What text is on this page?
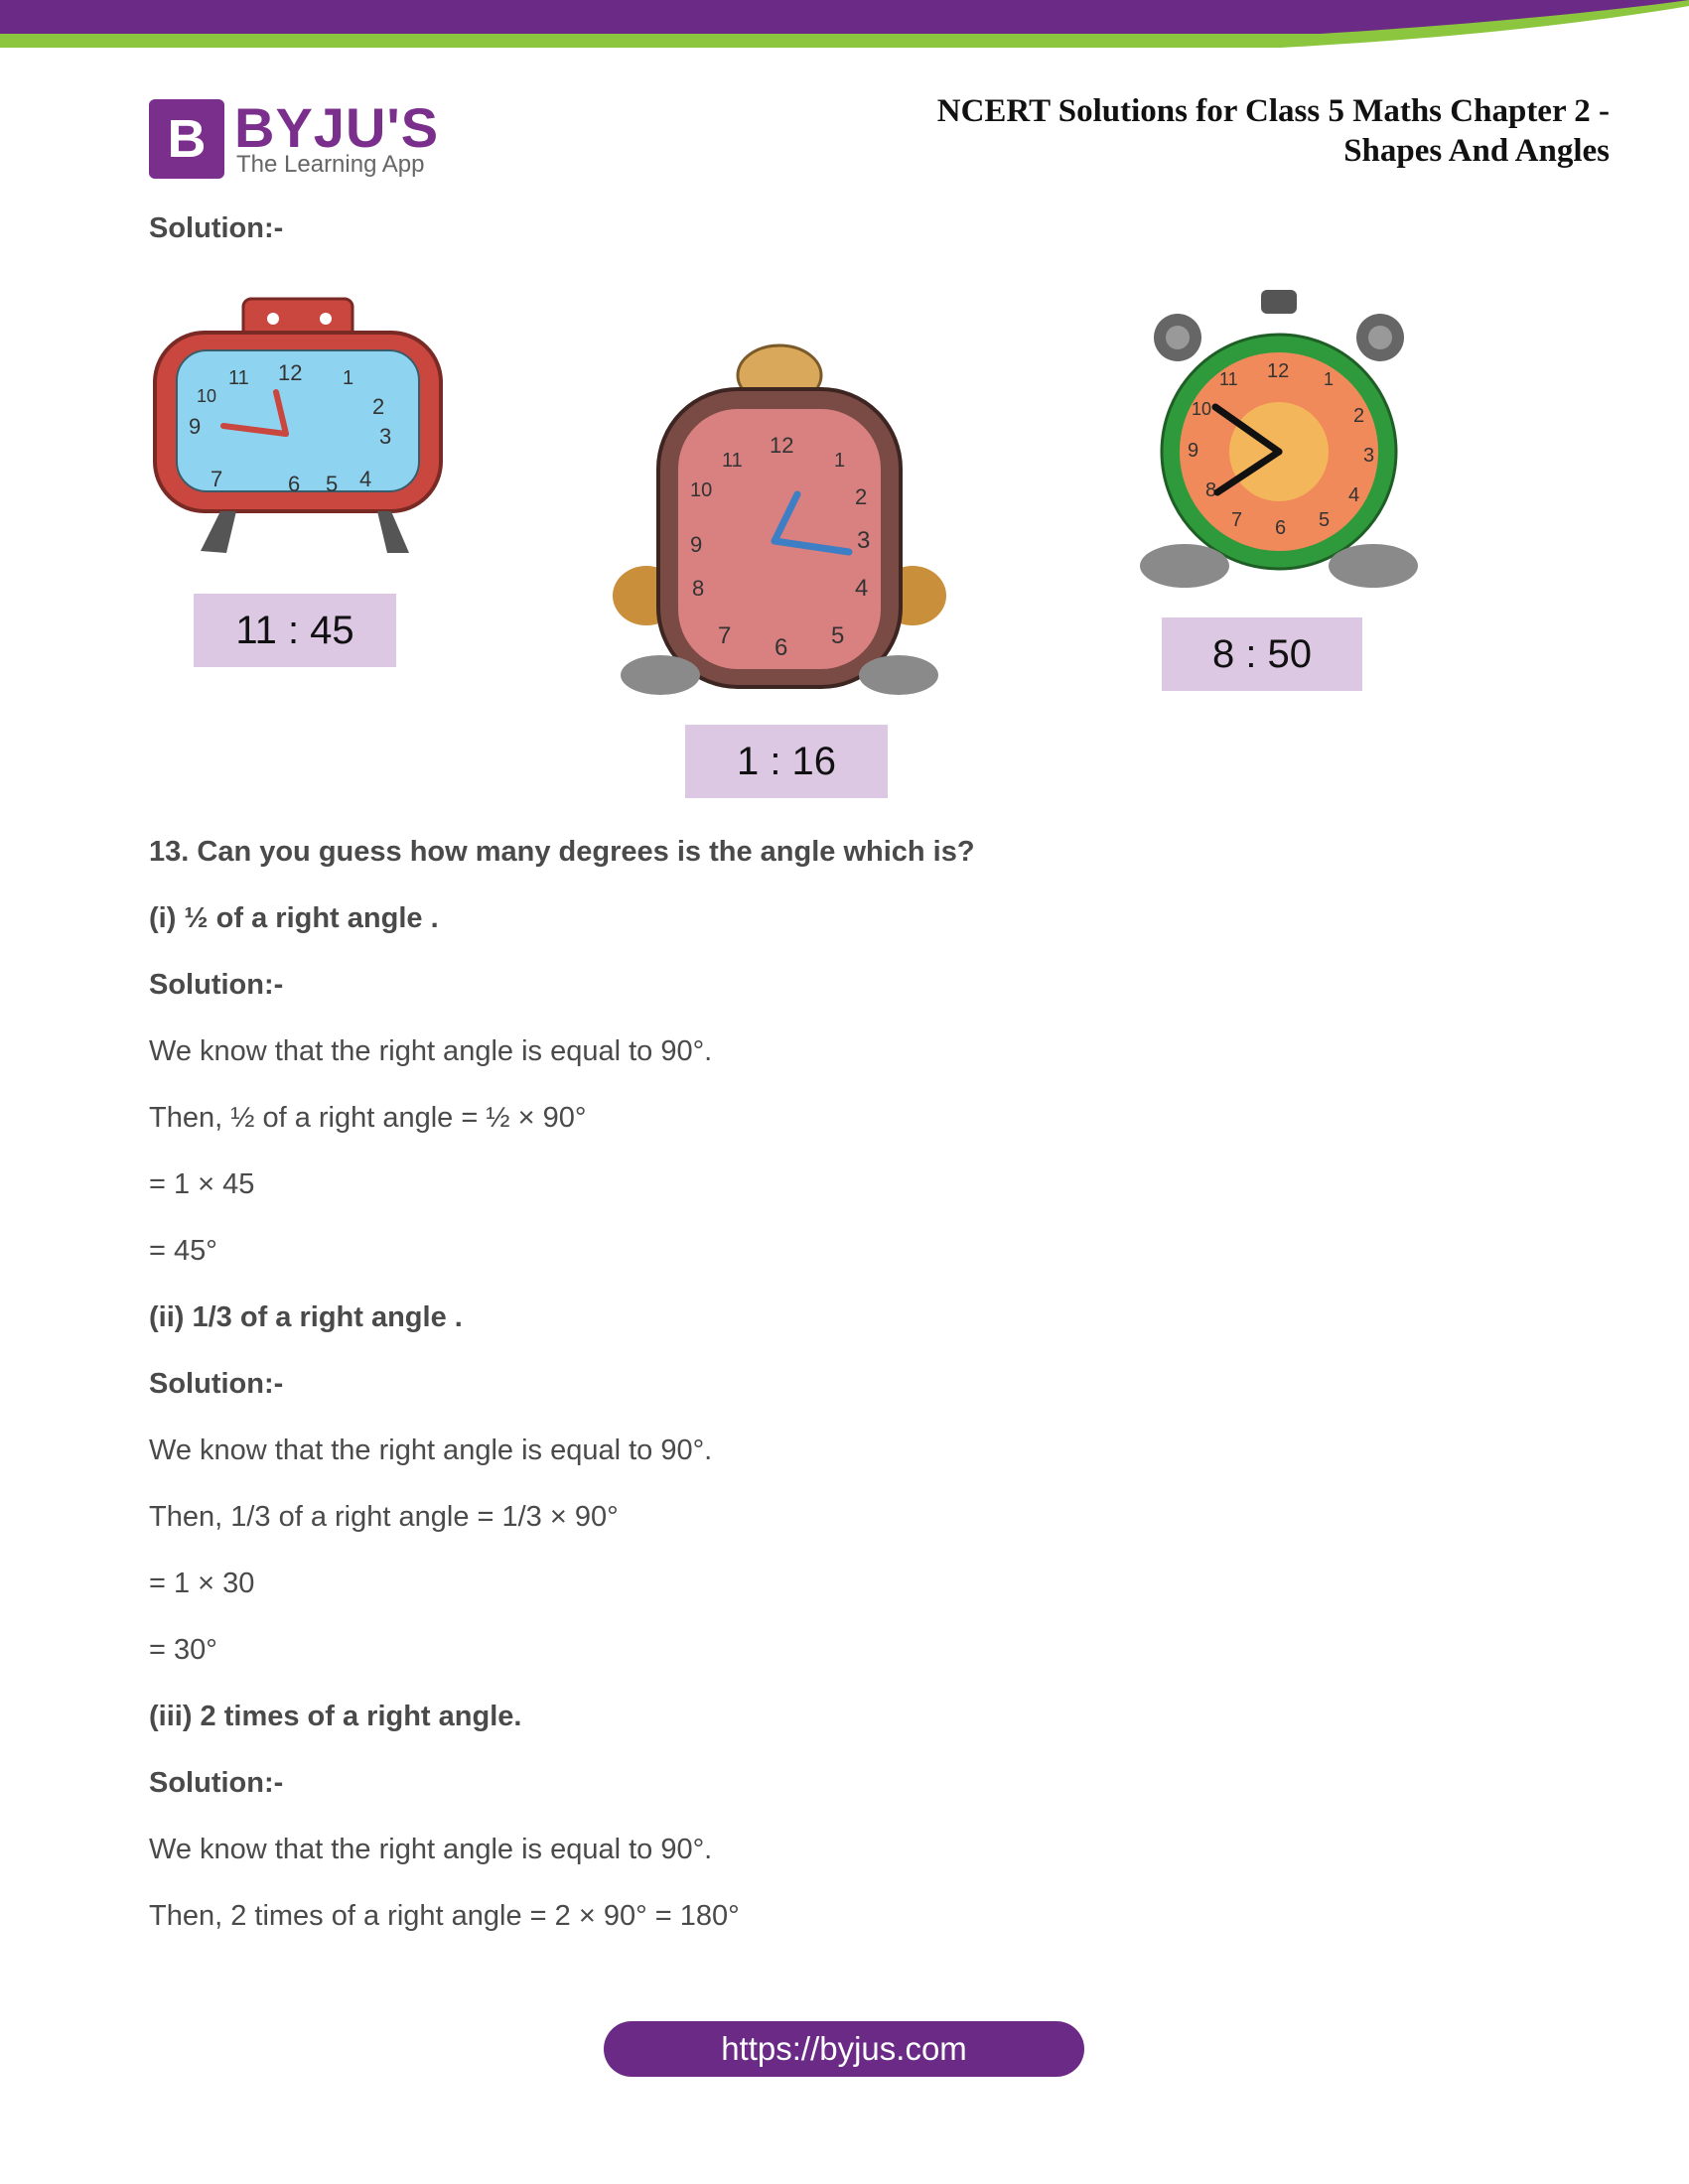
B BYJU'S
The Learning App
NCERT Solutions for Class 5 Maths Chapter 2 -
Shapes And Angles
Solution:-
12
11	1
2
3
4
5
6
7
9
10
11 : 45
12
11	1
10	2
3
9
4
8
7 6 5
1 : 16
12
11	1
2
3
4
5
6
7
8
9
10
8 : 50
13. Can you guess how many degrees is the angle which is?
(i) ½ of a right angle .
Solution:-
We know that the right angle is equal to 90°.
Then, ½ of a right angle = ½ × 90°
= 1 × 45
= 45°
(ii) 1/3 of a right angle .
Solution:-
We know that the right angle is equal to 90°.
Then, 1/3 of a right angle = 1/3 × 90°
= 1 × 30
= 30°
(iii) 2 times of a right angle.
Solution:-
We know that the right angle is equal to 90°.
Then, 2 times of a right angle = 2 × 90° = 180°
https://byjus.com
